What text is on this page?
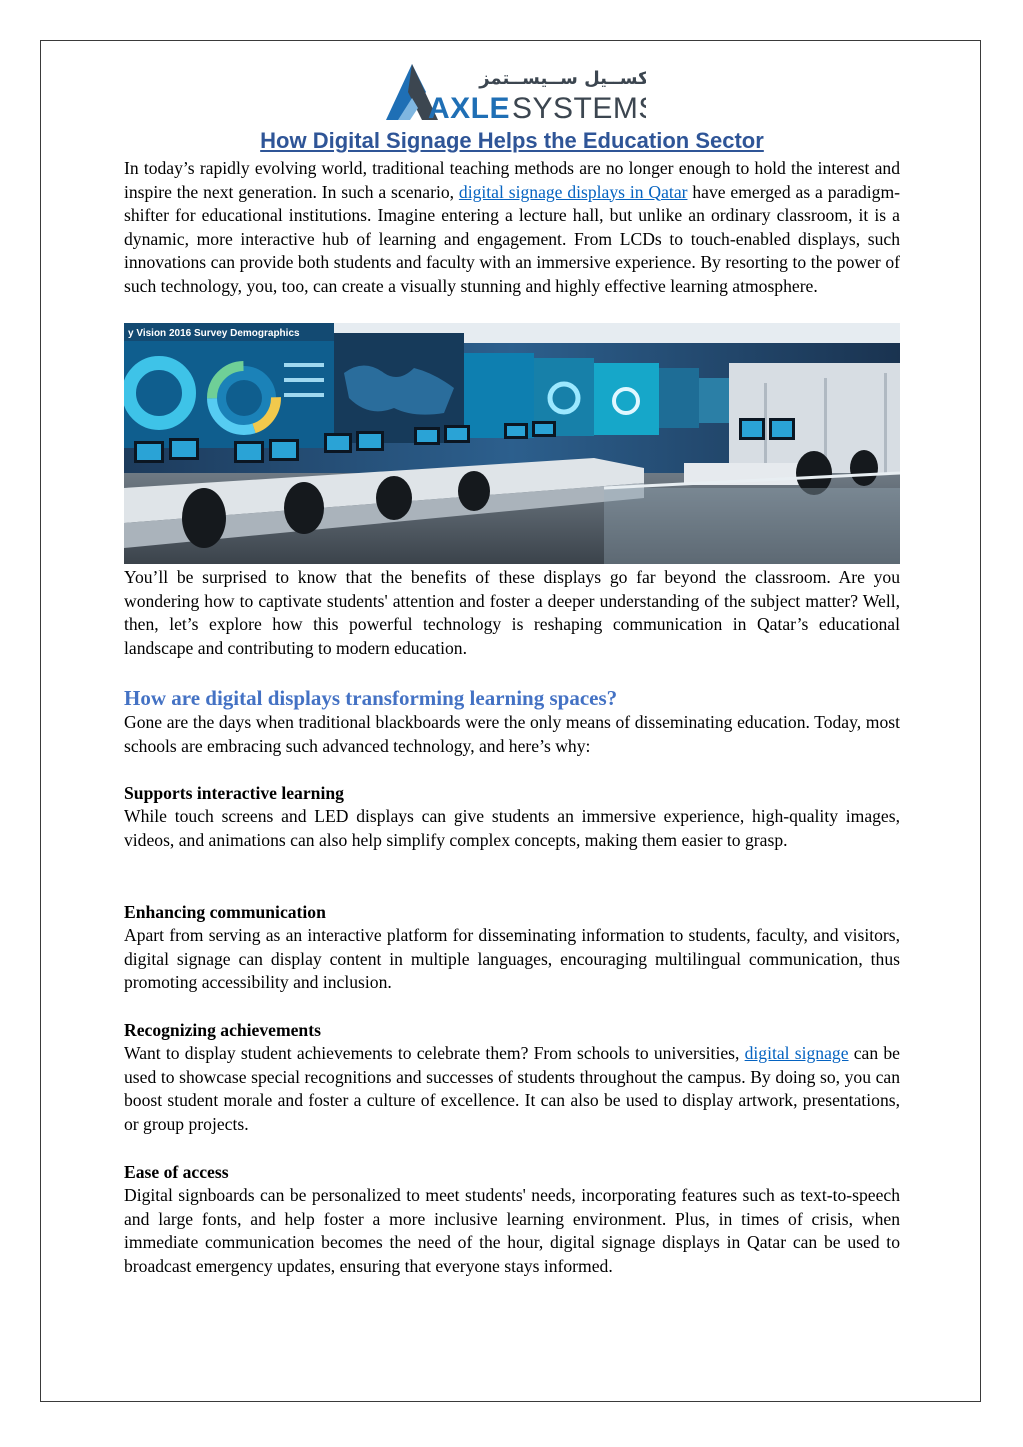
اكســيل ســيســتمز
AXLE SYSTEMS
How Digital Signage Helps the Education Sector

In today’s rapidly evolving world, traditional teaching methods are no longer enough to hold the interest and inspire the next generation. In such a scenario, digital signage displays in Qatar have emerged as a paradigm-shifter for educational institutions. Imagine entering a lecture hall, but unlike an ordinary classroom, it is a dynamic, more interactive hub of learning and engagement. From LCDs to touch-enabled displays, such innovations can provide both students and faculty with an immersive experience. By resorting to the power of such technology, you, too, can create a visually stunning and highly effective learning atmosphere.

y Vision 2016 Survey Demographics

You’ll be surprised to know that the benefits of these displays go far beyond the classroom. Are you wondering how to captivate students' attention and foster a deeper understanding of the subject matter? Well, then, let’s explore how this powerful technology is reshaping communication in Qatar’s educational landscape and contributing to modern education.

How are digital displays transforming learning spaces?

Gone are the days when traditional blackboards were the only means of disseminating education. Today, most schools are embracing such advanced technology, and here’s why:

Supports interactive learning

While touch screens and LED displays can give students an immersive experience, high-quality images, videos, and animations can also help simplify complex concepts, making them easier to grasp.

Enhancing communication

Apart from serving as an interactive platform for disseminating information to students, faculty, and visitors, digital signage can display content in multiple languages, encouraging multilingual communication, thus promoting accessibility and inclusion.

Recognizing achievements

Want to display student achievements to celebrate them? From schools to universities, digital signage can be used to showcase special recognitions and successes of students throughout the campus. By doing so, you can boost student morale and foster a culture of excellence. It can also be used to display artwork, presentations, or group projects.

Ease of access

Digital signboards can be personalized to meet students' needs, incorporating features such as text-to-speech and large fonts, and help foster a more inclusive learning environment. Plus, in times of crisis, when immediate communication becomes the need of the hour, digital signage displays in Qatar can be used to broadcast emergency updates, ensuring that everyone stays informed.
